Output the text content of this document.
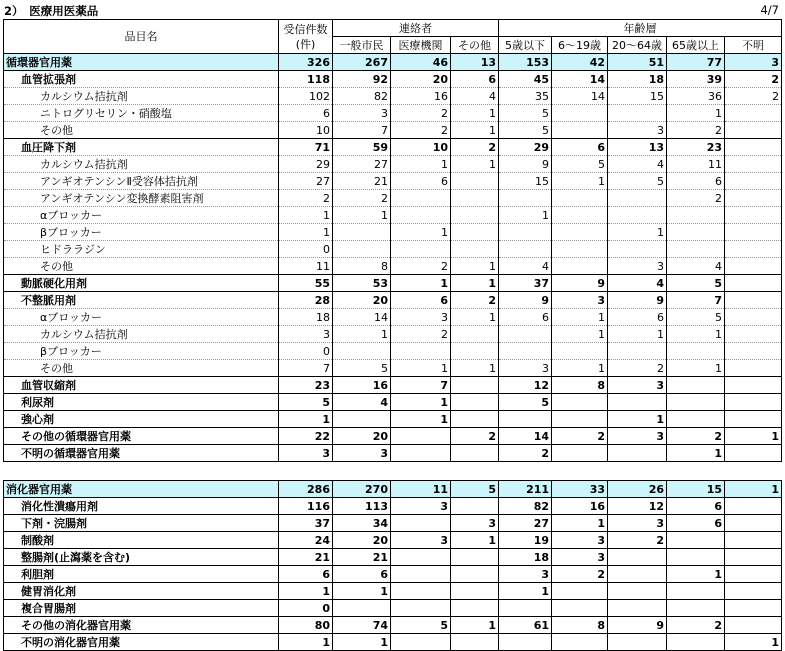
2）　医療用医薬品	4/7
品目名	受信件数
(件)	連絡者			年齢層				
		一般市民	医療機関	その他	5歳以下	6～19歳	20～64歳	65歳以上	不明
循環器官用薬	326	267	46	13	153	42	51	77	3
血管拡張剤	118	92	20	6	45	14	18	39	2
カルシウム拮抗剤	102	82	16	4	35	14	15	36	2
ニトログリセリン・硝酸塩	6	3	2	1	5			1	
その他	10	7	2	1	5		3	2	
血圧降下剤	71	59	10	2	29	6	13	23	
カルシウム拮抗剤	29	27	1	1	9	5	4	11	
アンギオテンシンⅡ受容体拮抗剤	27	21	6		15	1	5	6	
アンギオテンシン変換酵素阻害剤	2	2						2	
αブロッカー	1	1			1				
βブロッカー	1		1				1		
ヒドララジン	0								
その他	11	8	2	1	4		3	4	
動脈硬化用剤	55	53	1	1	37	9	4	5	
不整脈用剤	28	20	6	2	9	3	9	7	
αブロッカー	18	14	3	1	6	1	6	5	
カルシウム拮抗剤	3	1	2			1	1	1	
βブロッカー	0								
その他	7	5	1	1	3	1	2	1	
血管収縮剤	23	16	7		12	8	3		
利尿剤	5	4	1		5				
強心剤	1		1				1		
その他の循環器官用薬	22	20		2	14	2	3	2	1
不明の循環器官用薬	3	3			2			1	

消化器官用薬	286	270	11	5	211	33	26	15	1
消化性潰瘍用剤	116	113	3		82	16	12	6	
下剤・浣腸剤	37	34		3	27	1	3	6	
制酸剤	24	20	3	1	19	3	2		
整腸剤(止瀉薬を含む)	21	21			18	3			
利胆剤	6	6			3	2		1	
健胃消化剤	1	1			1				
複合胃腸剤	0								
その他の消化器官用薬	80	74	5	1	61	8	9	2	
不明の消化器官用薬	1	1							1
